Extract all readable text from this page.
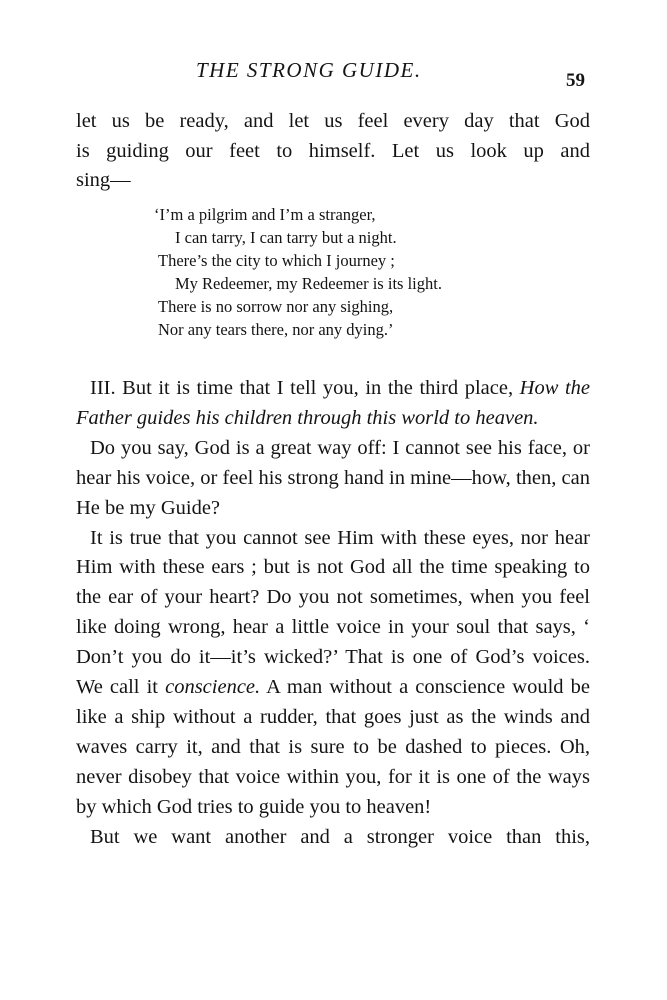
THE STRONG GUIDE.	59

let us be ready, and let us feel every day that God

is guiding our feet to himself. Let us look up and

sing—

‘I’m a pilgrim and I’m a stranger,
I can tarry, I can tarry but a night.
There’s the city to which I journey ;
My Redeemer, my Redeemer is its light.
There is no sorrow nor any sighing,
Nor any tears there, nor any dying.’

III. But it is time that I tell you, in the third place, How the Father guides his children through this world to heaven.

Do you say, God is a great way off: I cannot see his face, or hear his voice, or feel his strong hand in mine—how, then, can He be my Guide?

It is true that you cannot see Him with these eyes, nor hear Him with these ears ; but is not God all the time speaking to the ear of your heart? Do you not sometimes, when you feel like doing wrong, hear a little voice in your soul that says, ‘ Don’t you do it—it’s wicked?’ That is one of God’s voices. We call it conscience. A man without a conscience would be like a ship without a rudder, that goes just as the winds and waves carry it, and that is sure to be dashed to pieces. Oh, never disobey that voice within you, for it is one of the ways by which God tries to guide you to heaven!

But we want another and a stronger voice than this,
